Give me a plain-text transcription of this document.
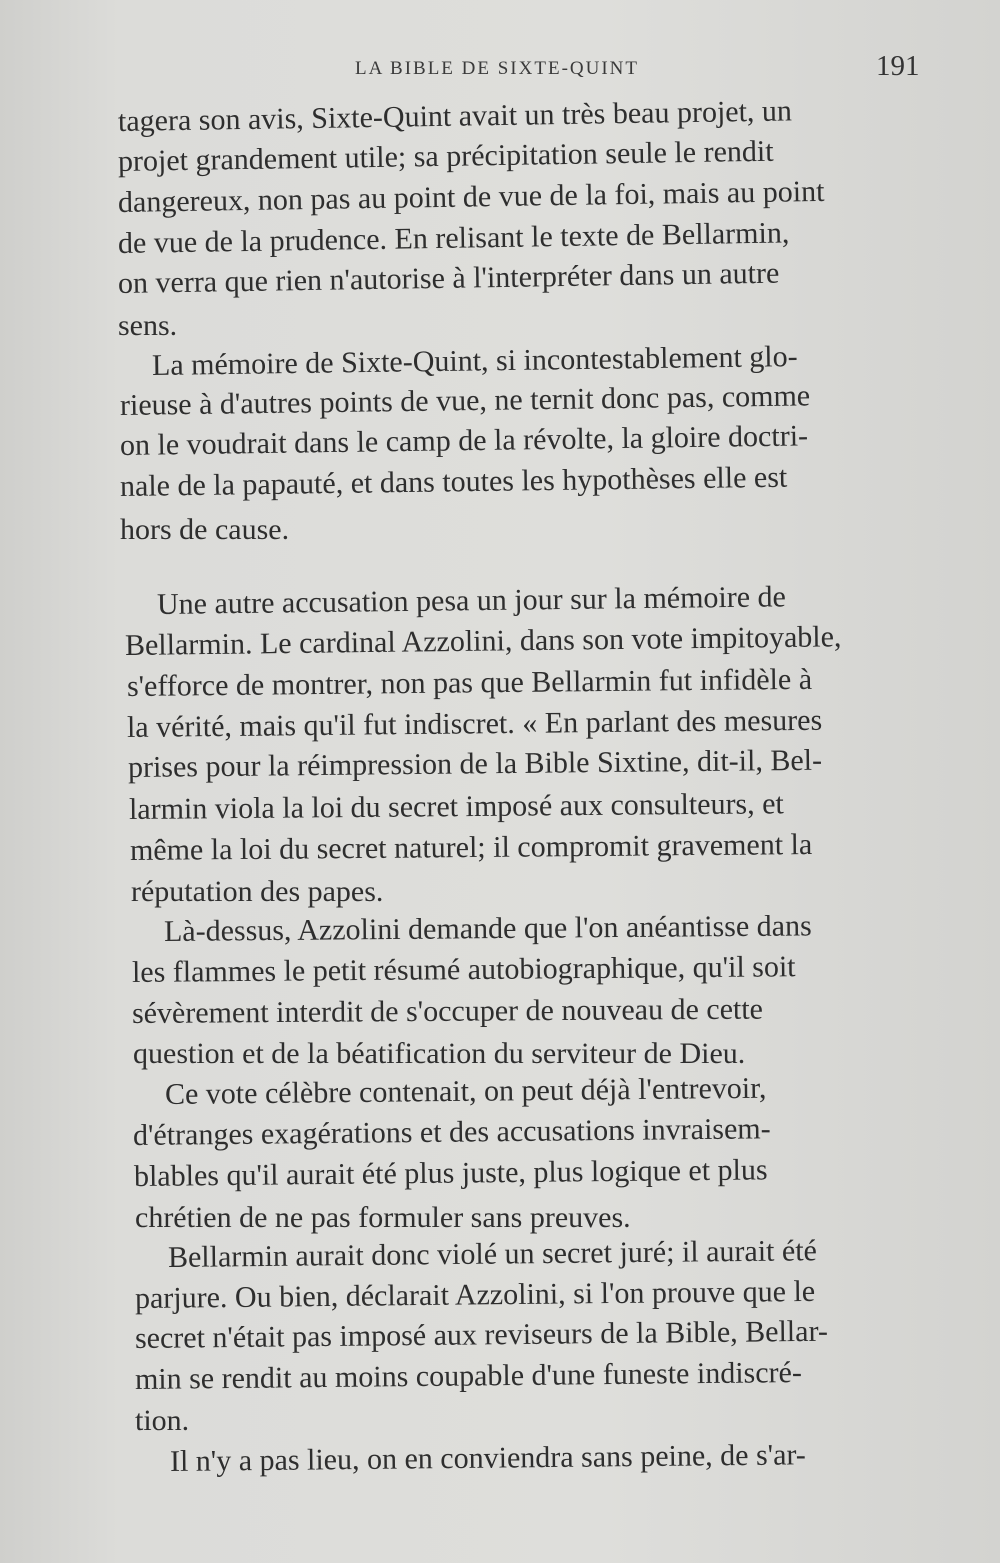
LA BIBLE DE SIXTE-QUINT	191
tagera son avis, Sixte-Quint avait un très beau projet, un
projet grandement utile; sa précipitation seule le rendit
dangereux, non pas au point de vue de la foi, mais au point
de vue de la prudence. En relisant le texte de Bellarmin,
on verra que rien n'autorise à l'interpréter dans un autre
sens.
La mémoire de Sixte-Quint, si incontestablement glo-
rieuse à d'autres points de vue, ne ternit donc pas, comme
on le voudrait dans le camp de la révolte, la gloire doctri-
nale de la papauté, et dans toutes les hypothèses elle est
hors de cause.
Une autre accusation pesa un jour sur la mémoire de
Bellarmin. Le cardinal Azzolini, dans son vote impitoyable,
s'efforce de montrer, non pas que Bellarmin fut infidèle à
la vérité, mais qu'il fut indiscret. « En parlant des mesures
prises pour la réimpression de la Bible Sixtine, dit-il, Bel-
larmin viola la loi du secret imposé aux consulteurs, et
même la loi du secret naturel; il compromit gravement la
réputation des papes.
Là-dessus, Azzolini demande que l'on anéantisse dans
les flammes le petit résumé autobiographique, qu'il soit
sévèrement interdit de s'occuper de nouveau de cette
question et de la béatification du serviteur de Dieu.
Ce vote célèbre contenait, on peut déjà l'entrevoir,
d'étranges exagérations et des accusations invraisem-
blables qu'il aurait été plus juste, plus logique et plus
chrétien de ne pas formuler sans preuves.
Bellarmin aurait donc violé un secret juré; il aurait été
parjure. Ou bien, déclarait Azzolini, si l'on prouve que le
secret n'était pas imposé aux reviseurs de la Bible, Bellar-
min se rendit au moins coupable d'une funeste indiscré-
tion.
Il n'y a pas lieu, on en conviendra sans peine, de s'ar-
